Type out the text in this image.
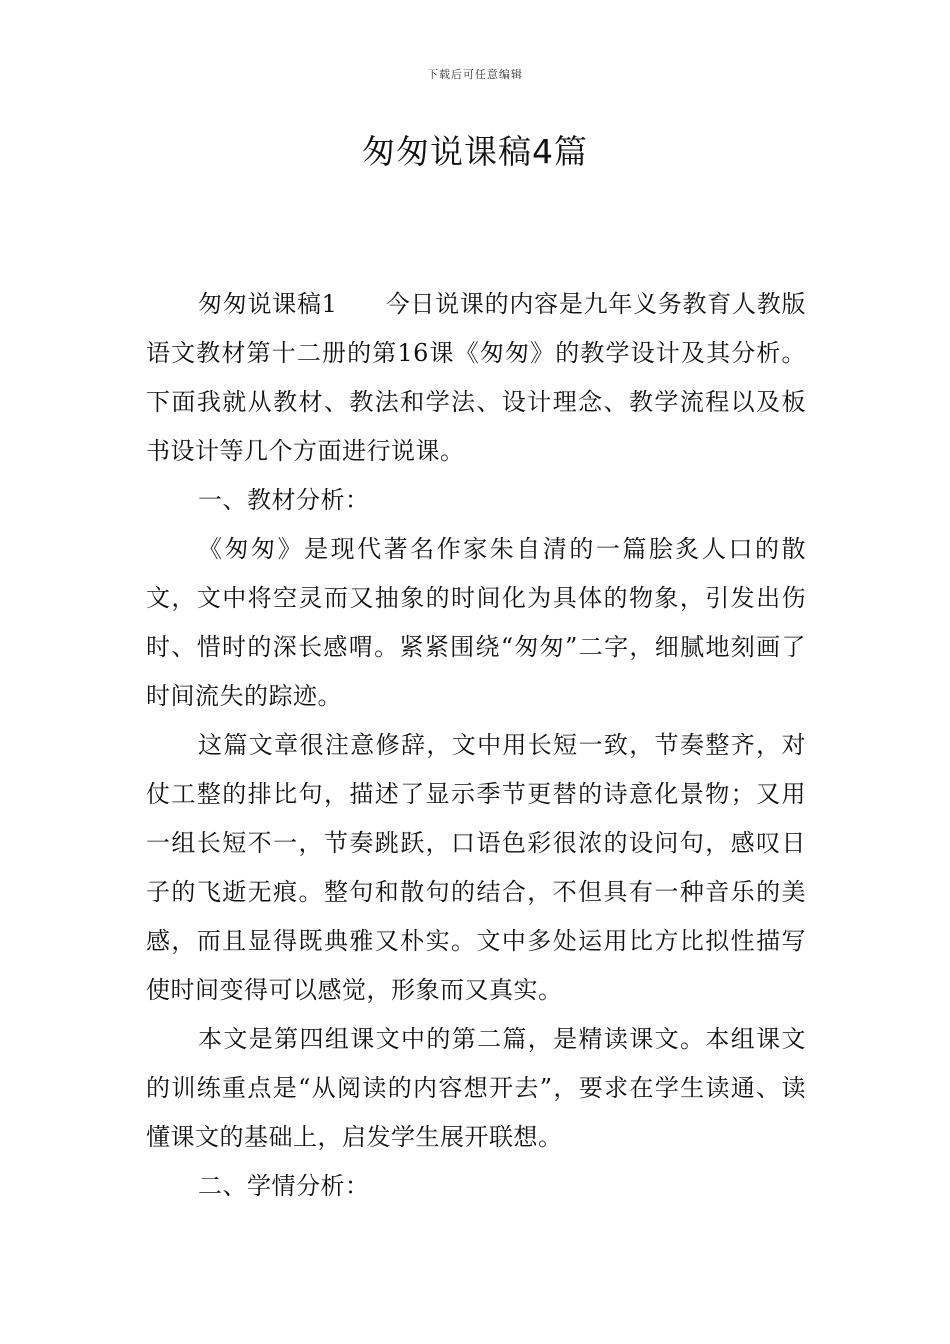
下载后可任意编辑
匆匆说课稿4篇

匆匆说课稿1 今日说课的内容是九年义务教育人教版语文教材第十二册的第16课《匆匆》的教学设计及其分析。下面我就从教材、教法和学法、设计理念、教学流程以及板书设计等几个方面进行说课。

一、教材分析：

《匆匆》是现代著名作家朱自清的一篇脍炙人口的散文，文中将空灵而又抽象的时间化为具体的物象，引发出伤时、惜时的深长感喟。紧紧围绕“匆匆”二字，细腻地刻画了时间流失的踪迹。

这篇文章很注意修辞，文中用长短一致，节奏整齐，对仗工整的排比句，描述了显示季节更替的诗意化景物；又用一组长短不一，节奏跳跃，口语色彩很浓的设问句，感叹日子的飞逝无痕。整句和散句的结合，不但具有一种音乐的美感，而且显得既典雅又朴实。文中多处运用比方比拟性描写使时间变得可以感觉，形象而又真实。

本文是第四组课文中的第二篇，是精读课文。本组课文的训练重点是“从阅读的内容想开去”，要求在学生读通、读懂课文的基础上，启发学生展开联想。

二、学情分析：
